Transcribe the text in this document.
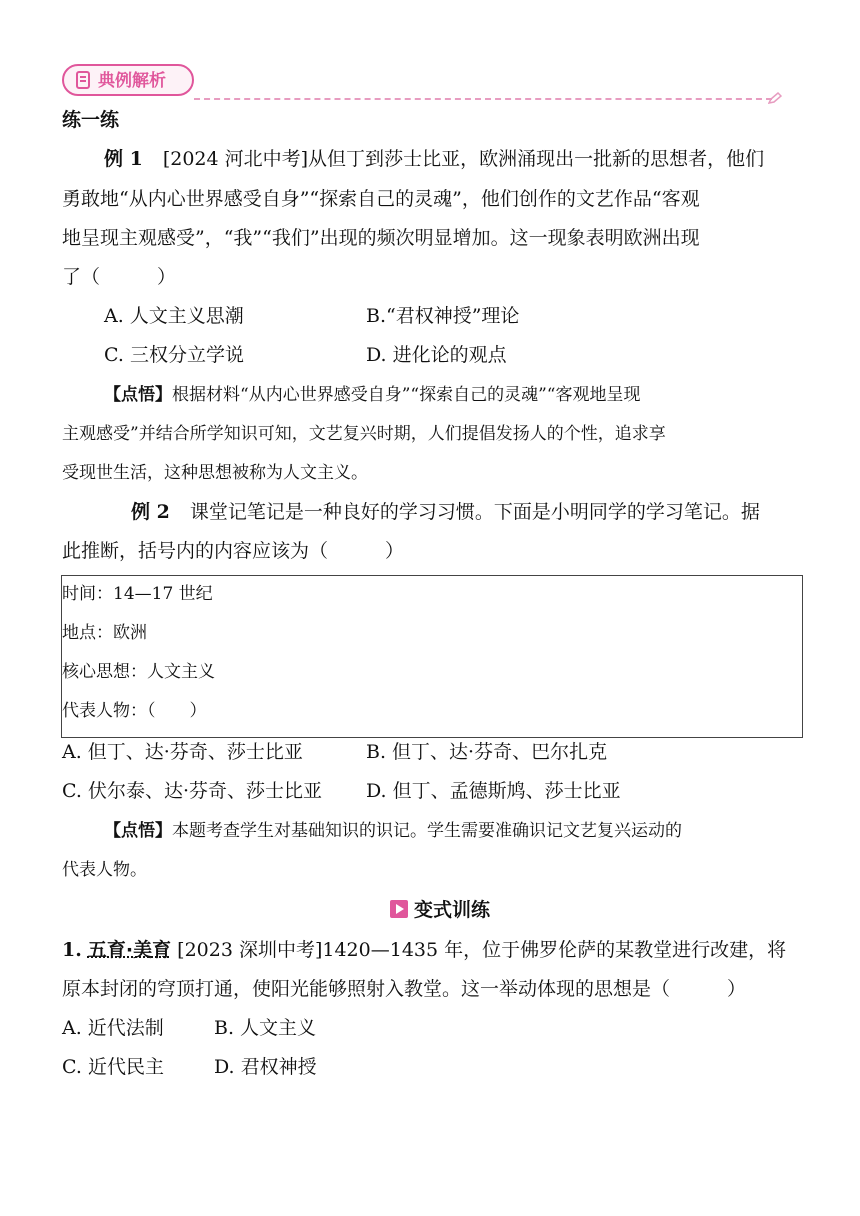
典例解析
练一练
例 1 [2024 河北中考]从但丁到莎士比亚，欧洲涌现出一批新的思想者，他们
勇敢地“从内心世界感受自身”“探索自己的灵魂”，他们创作的文艺作品“客观
地呈现主观感受”，“我”“我们”出现的频次明显增加。这一现象表明欧洲出现
了（　　　）
A. 人文主义思潮	B.“君权神授”理论
C. 三权分立学说	D. 进化论的观点
【点悟】根据材料“从内心世界感受自身”“探索自己的灵魂”“客观地呈现
主观感受”并结合所学知识可知，文艺复兴时期，人们提倡发扬人的个性，追求享
受现世生活，这种思想被称为人文主义。
例 2 课堂记笔记是一种良好的学习习惯。下面是小明同学的学习笔记。据
此推断，括号内的内容应该为（　　　）
时间：14—17 世纪
地点：欧洲
核心思想：人文主义
代表人物：（　　）
A. 但丁、达·芬奇、莎士比亚	B. 但丁、达·芬奇、巴尔扎克
C. 伏尔泰、达·芬奇、莎士比亚 D. 但丁、孟德斯鸠、莎士比亚
【点悟】本题考查学生对基础知识的识记。学生需要准确识记文艺复兴运动的
代表人物。
变式训练
1. 五育·美育 [2023 深圳中考]1420—1435 年，位于佛罗伦萨的某教堂进行改建，将
原本封闭的穹顶打通，使阳光能够照射入教堂。这一举动体现的思想是（　　　）
A. 近代法制	B. 人文主义
C. 近代民主	D. 君权神授
